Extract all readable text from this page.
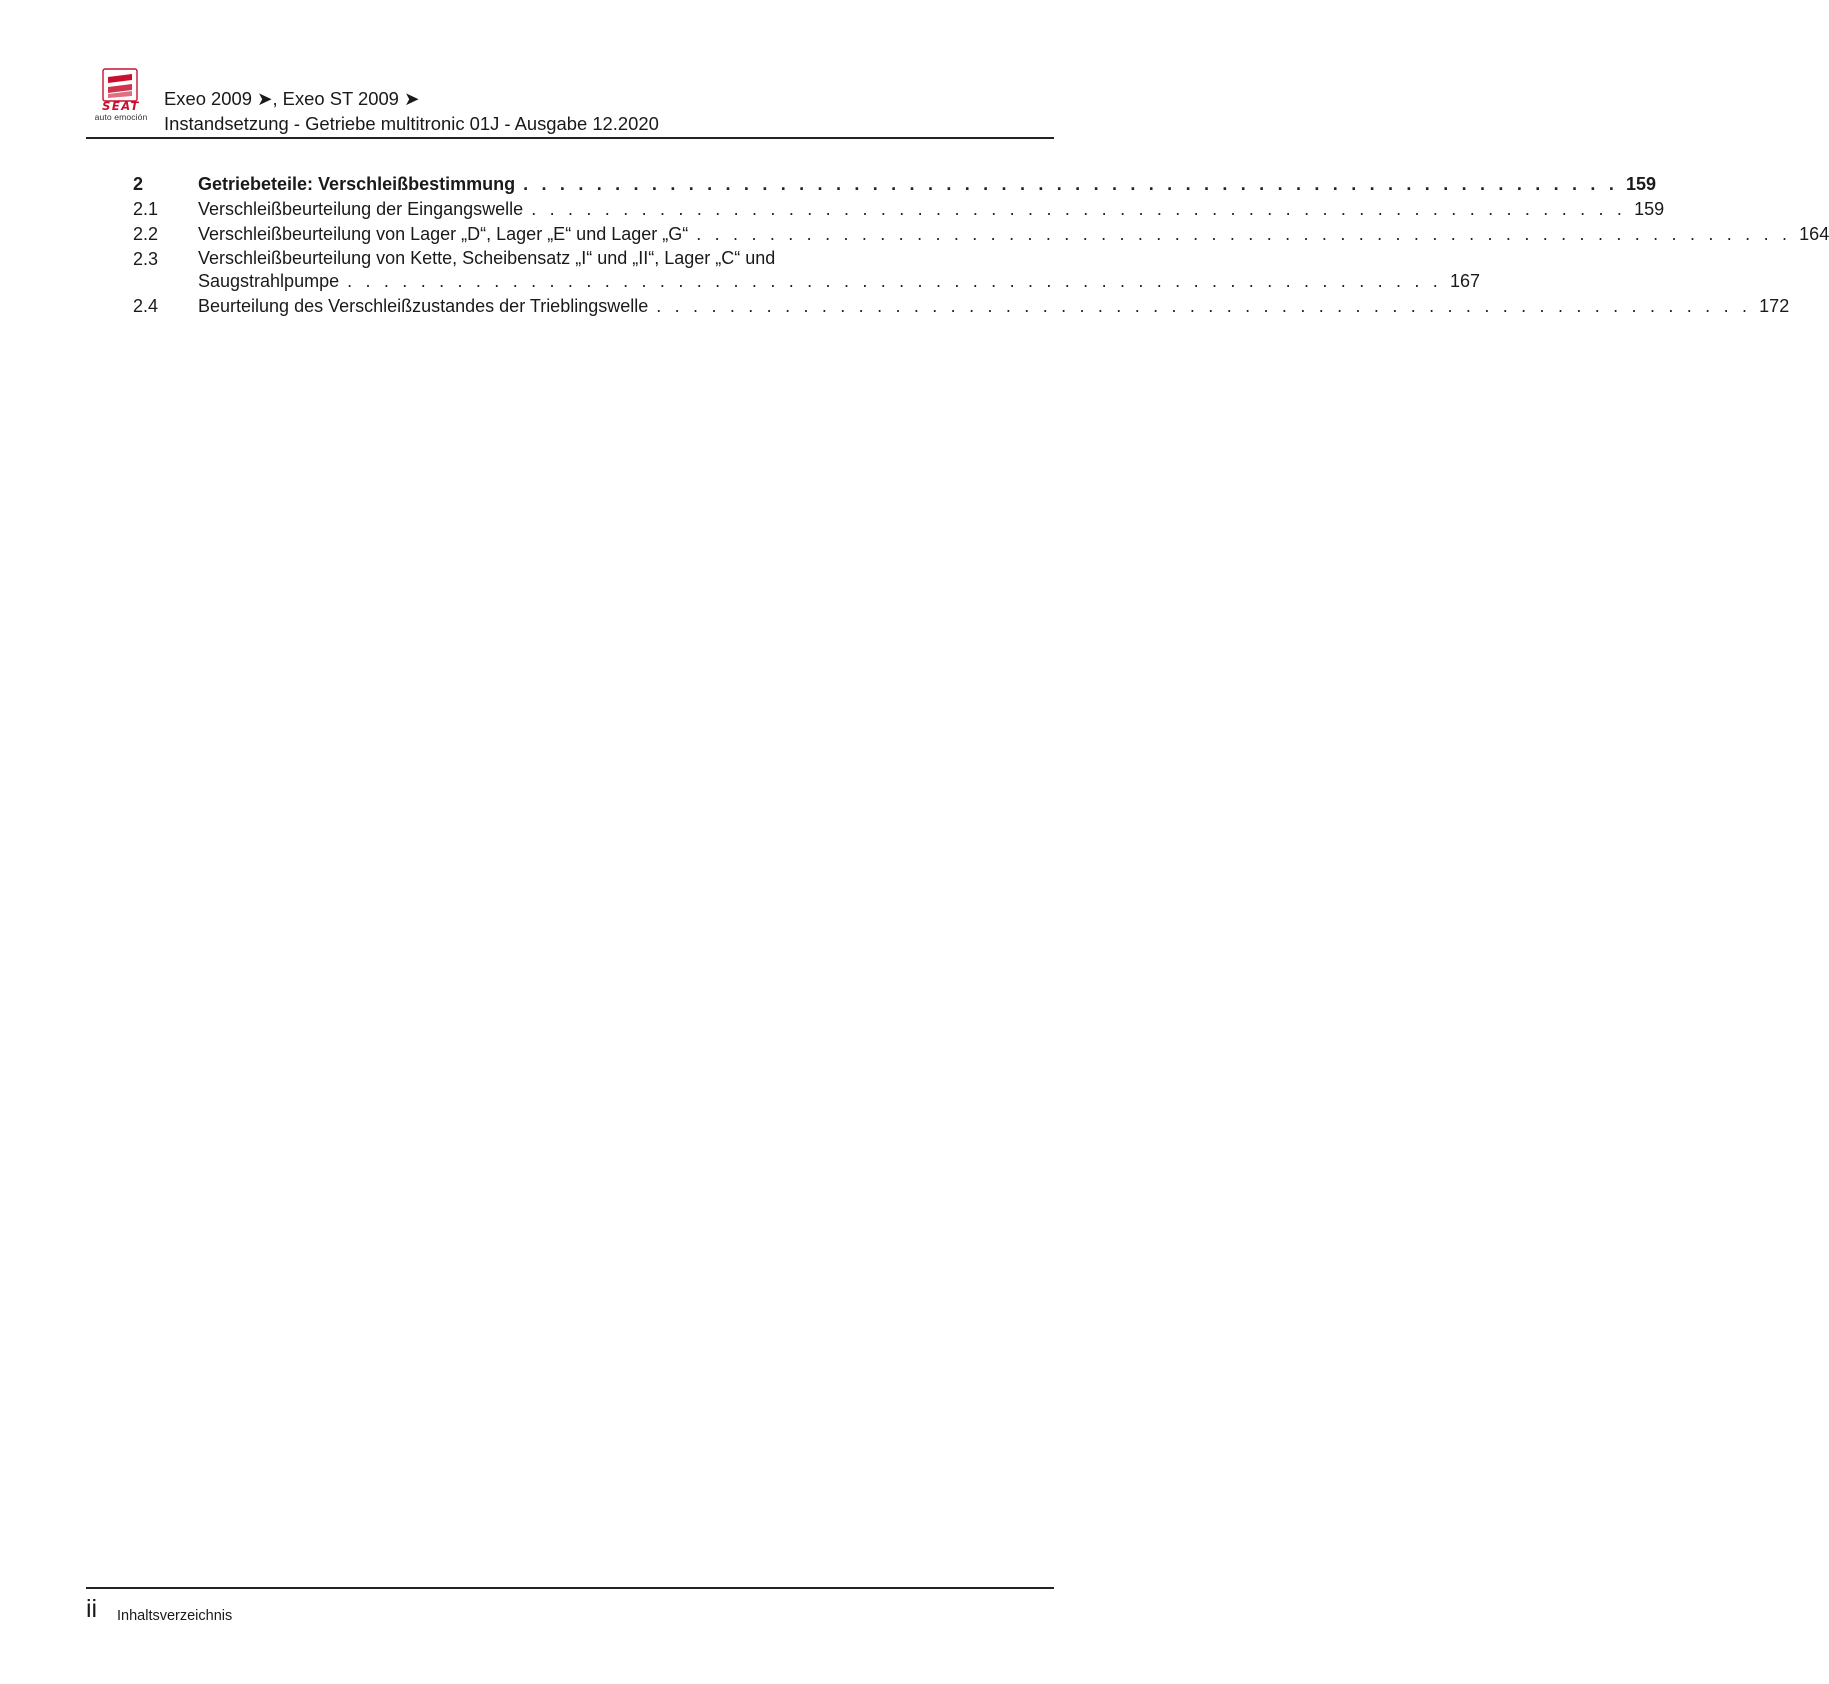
SEAT
auto emoción
Exeo 2009 ➤, Exeo ST 2009 ➤
Instandsetzung - Getriebe multitronic 01J - Ausgabe 12.2020
2	Getriebeteile: Verschleißbestimmung . . . . . . . . . . . . . . . . . . . . . . . . . . . . . . . . . . . . . . . . . . . . . . . . . . . . . . . . . . . . 159
2.1 Verschleißbeurteilung der Eingangswelle . . . . . . . . . . . . . . . . . . . . . . . . . . . . . . . . . . . . . . . . . . . . . . . . . . . . . . . . . . . . 159
2.2 Verschleißbeurteilung von Lager „D“, Lager „E“ und Lager „G“ . . . . . . . . . . . . . . . . . . . . . . . . . . . . . . . . . . . . . . . . . . . . . . . . . . . . . . . . . . . . 164
2.3 Verschleißbeurteilung von Kette, Scheibensatz „I“ und „II“, Lager „C“ und
Saugstrahlpumpe . . . . . . . . . . . . . . . . . . . . . . . . . . . . . . . . . . . . . . . . . . . . . . . . . . . . . . . . . . . . 167
2.4 Beurteilung des Verschleißzustandes der Trieblingswelle . . . . . . . . . . . . . . . . . . . . . . . . . . . . . . . . . . . . . . . . . . . . . . . . . . . . . . . . . . . . 172
ii Inhaltsverzeichnis
